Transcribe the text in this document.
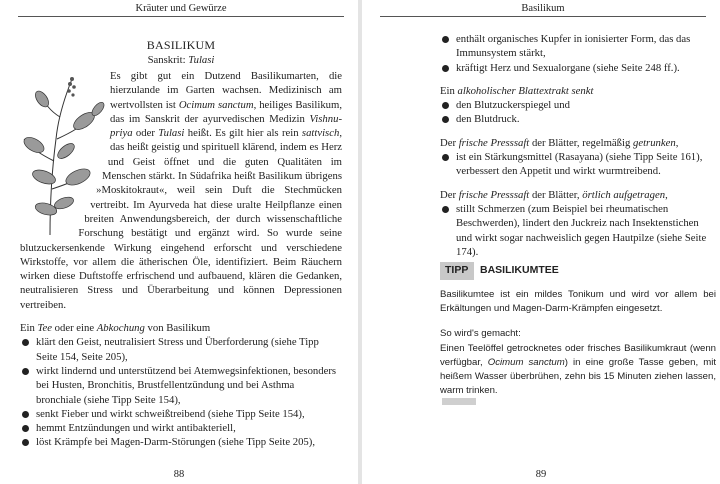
Kräuter und Gewürze
BASILIKUM
Sanskrit: Tulasi

Es gibt gut ein Dutzend Basilikumarten, die hierzulande im Garten wachsen. Medizinisch am wertvollsten ist Ocimum sanctum, heiliges Basilikum, das im Sanskrit der ayurvedischen Medizin Vishnu-priya oder Tulasi heißt. Es gilt hier als rein sattvisch, das heißt geistig und spirituell klärend, indem es Herz und Geist öffnet und die guten Qualitäten im Menschen stärkt. In Südafrika heißt Basilikum übrigens »Moskitokraut«, weil sein Duft die Stechmücken vertreibt. Im Ayurveda hat diese uralte Heilpflanze einen breiten Anwendungsbereich, der durch wissenschaftliche Forschung bestätigt und ergänzt wird. So wurde seine blutzuckersenkende Wirkung eingehend erforscht und verschiedene Wirkstoffe, vor allem die ätherischen Öle, identifiziert. Beim Räuchern wirken diese Duftstoffe erfrischend und aufbauend, klären die Gedanken, neutralisieren Stress und Überarbeitung und können Depressionen vertreiben.

Ein Tee oder eine Abkochung von Basilikum

klärt den Geist, neutralisiert Stress und Überforderung (siehe Tipp Seite 154, Seite 205),
wirkt lindernd und unterstützend bei Atemwegsinfektionen, besonders bei Husten, Bronchitis, Brustfellentzündung und bei Asthma bronchiale (siehe Tipp Seite 154),
senkt Fieber und wirkt schweißtreibend (siehe Tipp Seite 154),
hemmt Entzündungen und wirkt antibakteriell,
löst Krämpfe bei Magen-Darm-Störungen (siehe Tipp Seite 205),
88
Basilikum
89
enthält organisches Kupfer in ionisierter Form, das das Immunsystem stärkt,
kräftigt Herz und Sexualorgane (siehe Seite 248 ff.).

Ein alkoholischer Blattextrakt senkt

den Blutzuckerspiegel und
den Blutdruck.

Der frische Presssaft der Blätter, regelmäßig getrunken,

ist ein Stärkungsmittel (Rasayana) (siehe Tipp Seite 161), verbessert den Appetit und wirkt wurmtreibend.

Der frische Presssaft der Blätter, örtlich aufgetragen,

stillt Schmerzen (zum Beispiel bei rheumatischen Beschwerden), lindert den Juckreiz nach Insektenstichen und wirkt sogar nachweislich gegen Hautpilze (siehe Seite 174).
TIPP BASILIKUMTEE

Basilikumtee ist ein mildes Tonikum und wird vor allem bei Erkältungen und Magen-Darm-Krämpfen eingesetzt.

So wird's gemacht:

Einen Teelöffel getrocknetes oder frisches Basilikumkraut (wenn verfügbar, Ocimum sanctum) in eine große Tasse geben, mit heißem Wasser überbrühen, zehn bis 15 Minuten ziehen lassen, warm trinken.
